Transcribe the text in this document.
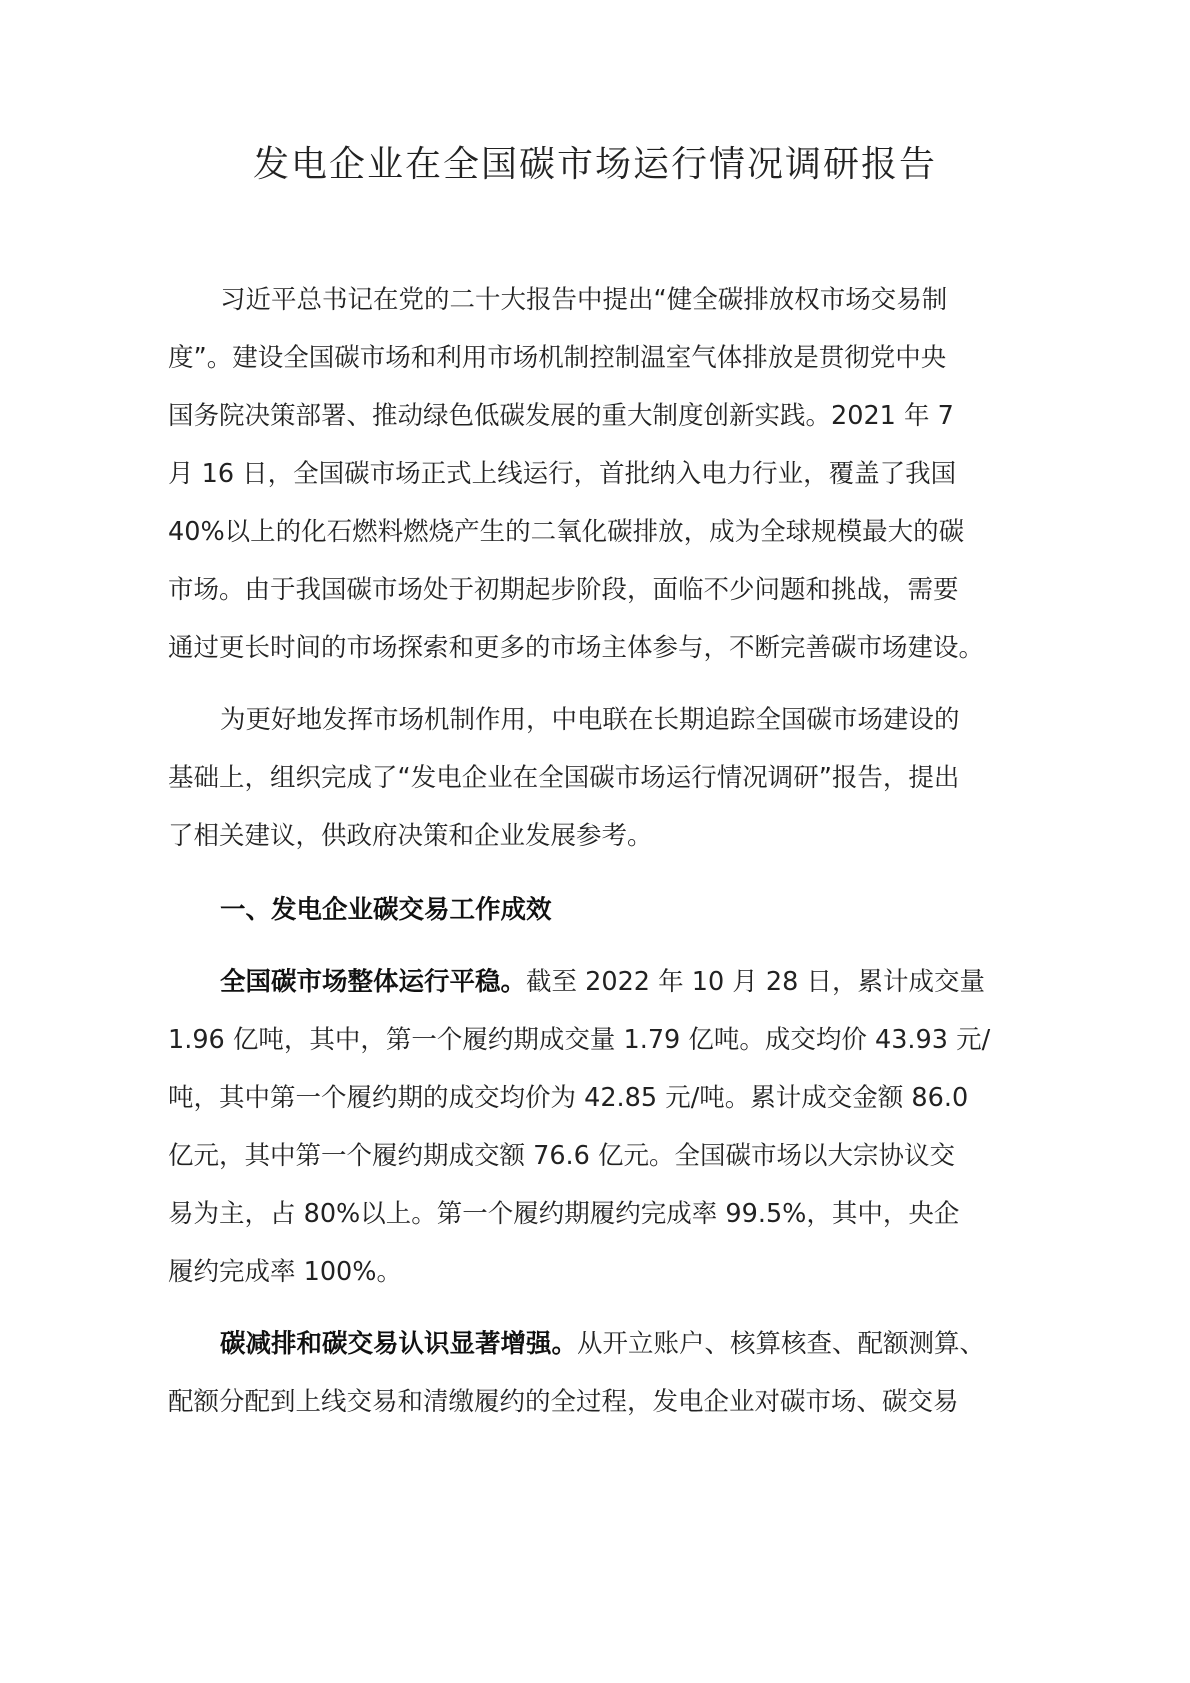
发电企业在全国碳市场运行情况调研报告
习近平总书记在党的二十大报告中提出“健全碳排放权市场交易制
度”。建设全国碳市场和利用市场机制控制温室气体排放是贯彻党中央
国务院决策部署、推动绿色低碳发展的重大制度创新实践。2021 年 7
月 16 日，全国碳市场正式上线运行，首批纳入电力行业，覆盖了我国
40%以上的化石燃料燃烧产生的二氧化碳排放，成为全球规模最大的碳
市场。由于我国碳市场处于初期起步阶段，面临不少问题和挑战，需要
通过更长时间的市场探索和更多的市场主体参与，不断完善碳市场建设。
为更好地发挥市场机制作用，中电联在长期追踪全国碳市场建设的
基础上，组织完成了“发电企业在全国碳市场运行情况调研”报告，提出
了相关建议，供政府决策和企业发展参考。
一、发电企业碳交易工作成效
全国碳市场整体运行平稳。截至 2022 年 10 月 28 日，累计成交量
1.96 亿吨，其中，第一个履约期成交量 1.79 亿吨。成交均价 43.93 元/
吨，其中第一个履约期的成交均价为 42.85 元/吨。累计成交金额 86.0
亿元，其中第一个履约期成交额 76.6 亿元。全国碳市场以大宗协议交
易为主，占 80%以上。第一个履约期履约完成率 99.5%，其中，央企
履约完成率 100%。
碳减排和碳交易认识显著增强。从开立账户、核算核查、配额测算、
配额分配到上线交易和清缴履约的全过程，发电企业对碳市场、碳交易
